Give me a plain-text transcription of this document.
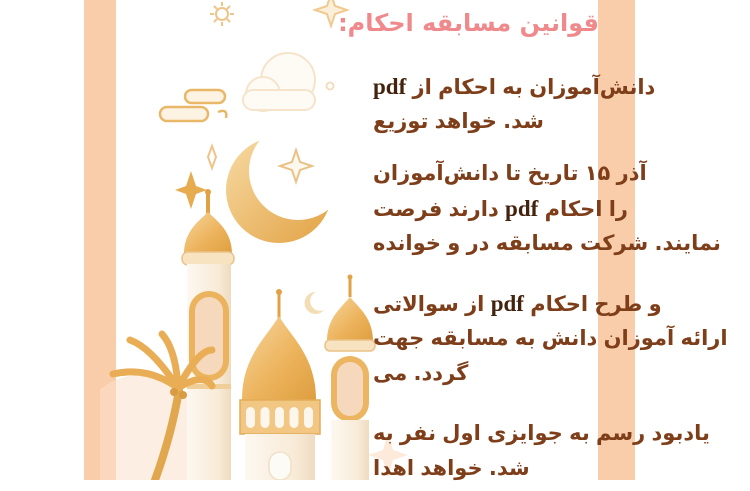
قوانین مسابقه احکام:
pdf از احکام به دانش‌آموزان
توزیع خواهد شد.
دانش‌آموزان تا تاریخ ۱۵ آذر
فرصت دارند pdf احکام را
خوانده و در مسابقه شرکت نمایند.
سوالاتی از pdf احکام طرح و
جهت مسابقه به دانش آموزان ارائه
می گردد.
به نفر اول جوایزی به رسم یادبود
اهدا خواهد شد.
